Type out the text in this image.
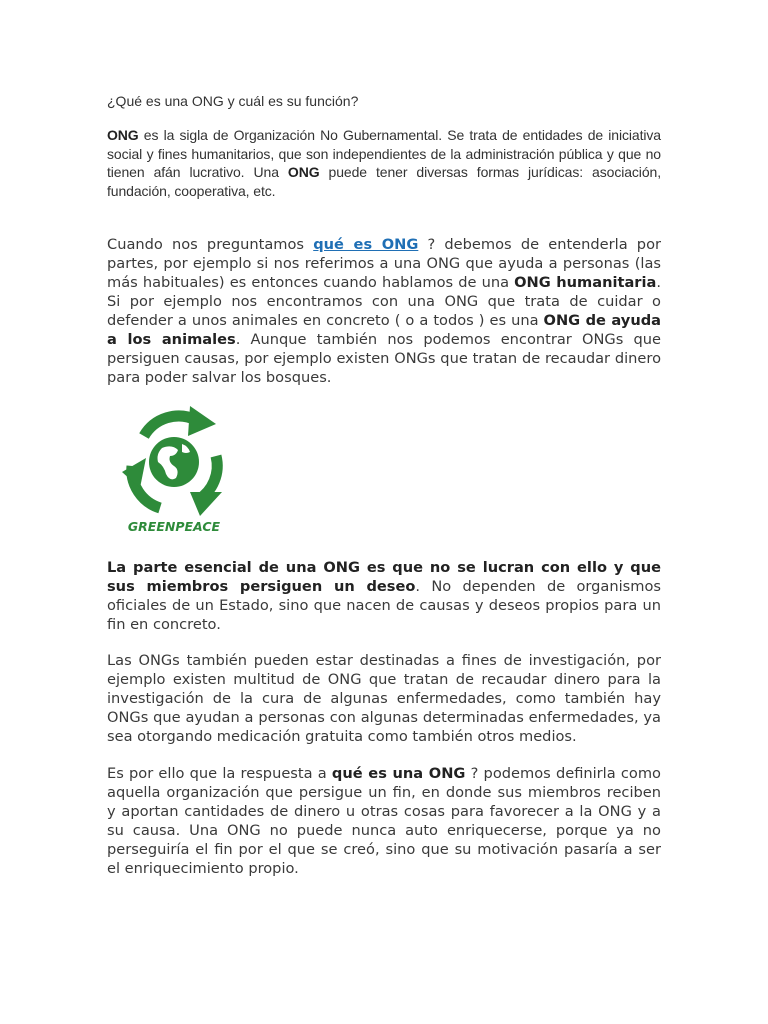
¿Qué es una ONG y cuál es su función?
ONG es la sigla de Organización No Gubernamental. Se trata de entidades de iniciativa social y fines humanitarios, que son independientes de la administración pública y que no tienen afán lucrativo. Una ONG puede tener diversas formas jurídicas: asociación, fundación, cooperativa, etc.
Cuando nos preguntamos qué es ONG ? debemos de entenderla por partes, por ejemplo si nos referimos a una ONG que ayuda a personas (las más habituales) es entonces cuando hablamos de una ONG humanitaria. Si por ejemplo nos encontramos con una ONG que trata de cuidar o defender a unos animales en concreto ( o a todos ) es una ONG de ayuda a los animales. Aunque también nos podemos encontrar ONGs que persiguen causas, por ejemplo existen ONGs que tratan de recaudar dinero para poder salvar los bosques.
GREENPEACE
La parte esencial de una ONG es que no se lucran con ello y que sus miembros persiguen un deseo. No dependen de organismos oficiales de un Estado, sino que nacen de causas y deseos propios para un fin en concreto.
Las ONGs también pueden estar destinadas a fines de investigación, por ejemplo existen multitud de ONG que tratan de recaudar dinero para la investigación de la cura de algunas enfermedades, como también hay ONGs que ayudan a personas con algunas determinadas enfermedades, ya sea otorgando medicación gratuita como también otros medios.
Es por ello que la respuesta a qué es una ONG ? podemos definirla como aquella organización que persigue un fin, en donde sus miembros reciben y aportan cantidades de dinero u otras cosas para favorecer a la ONG y a su causa. Una ONG no puede nunca auto enriquecerse, porque ya no perseguiría el fin por el que se creó, sino que su motivación pasaría a ser el enriquecimiento propio.
